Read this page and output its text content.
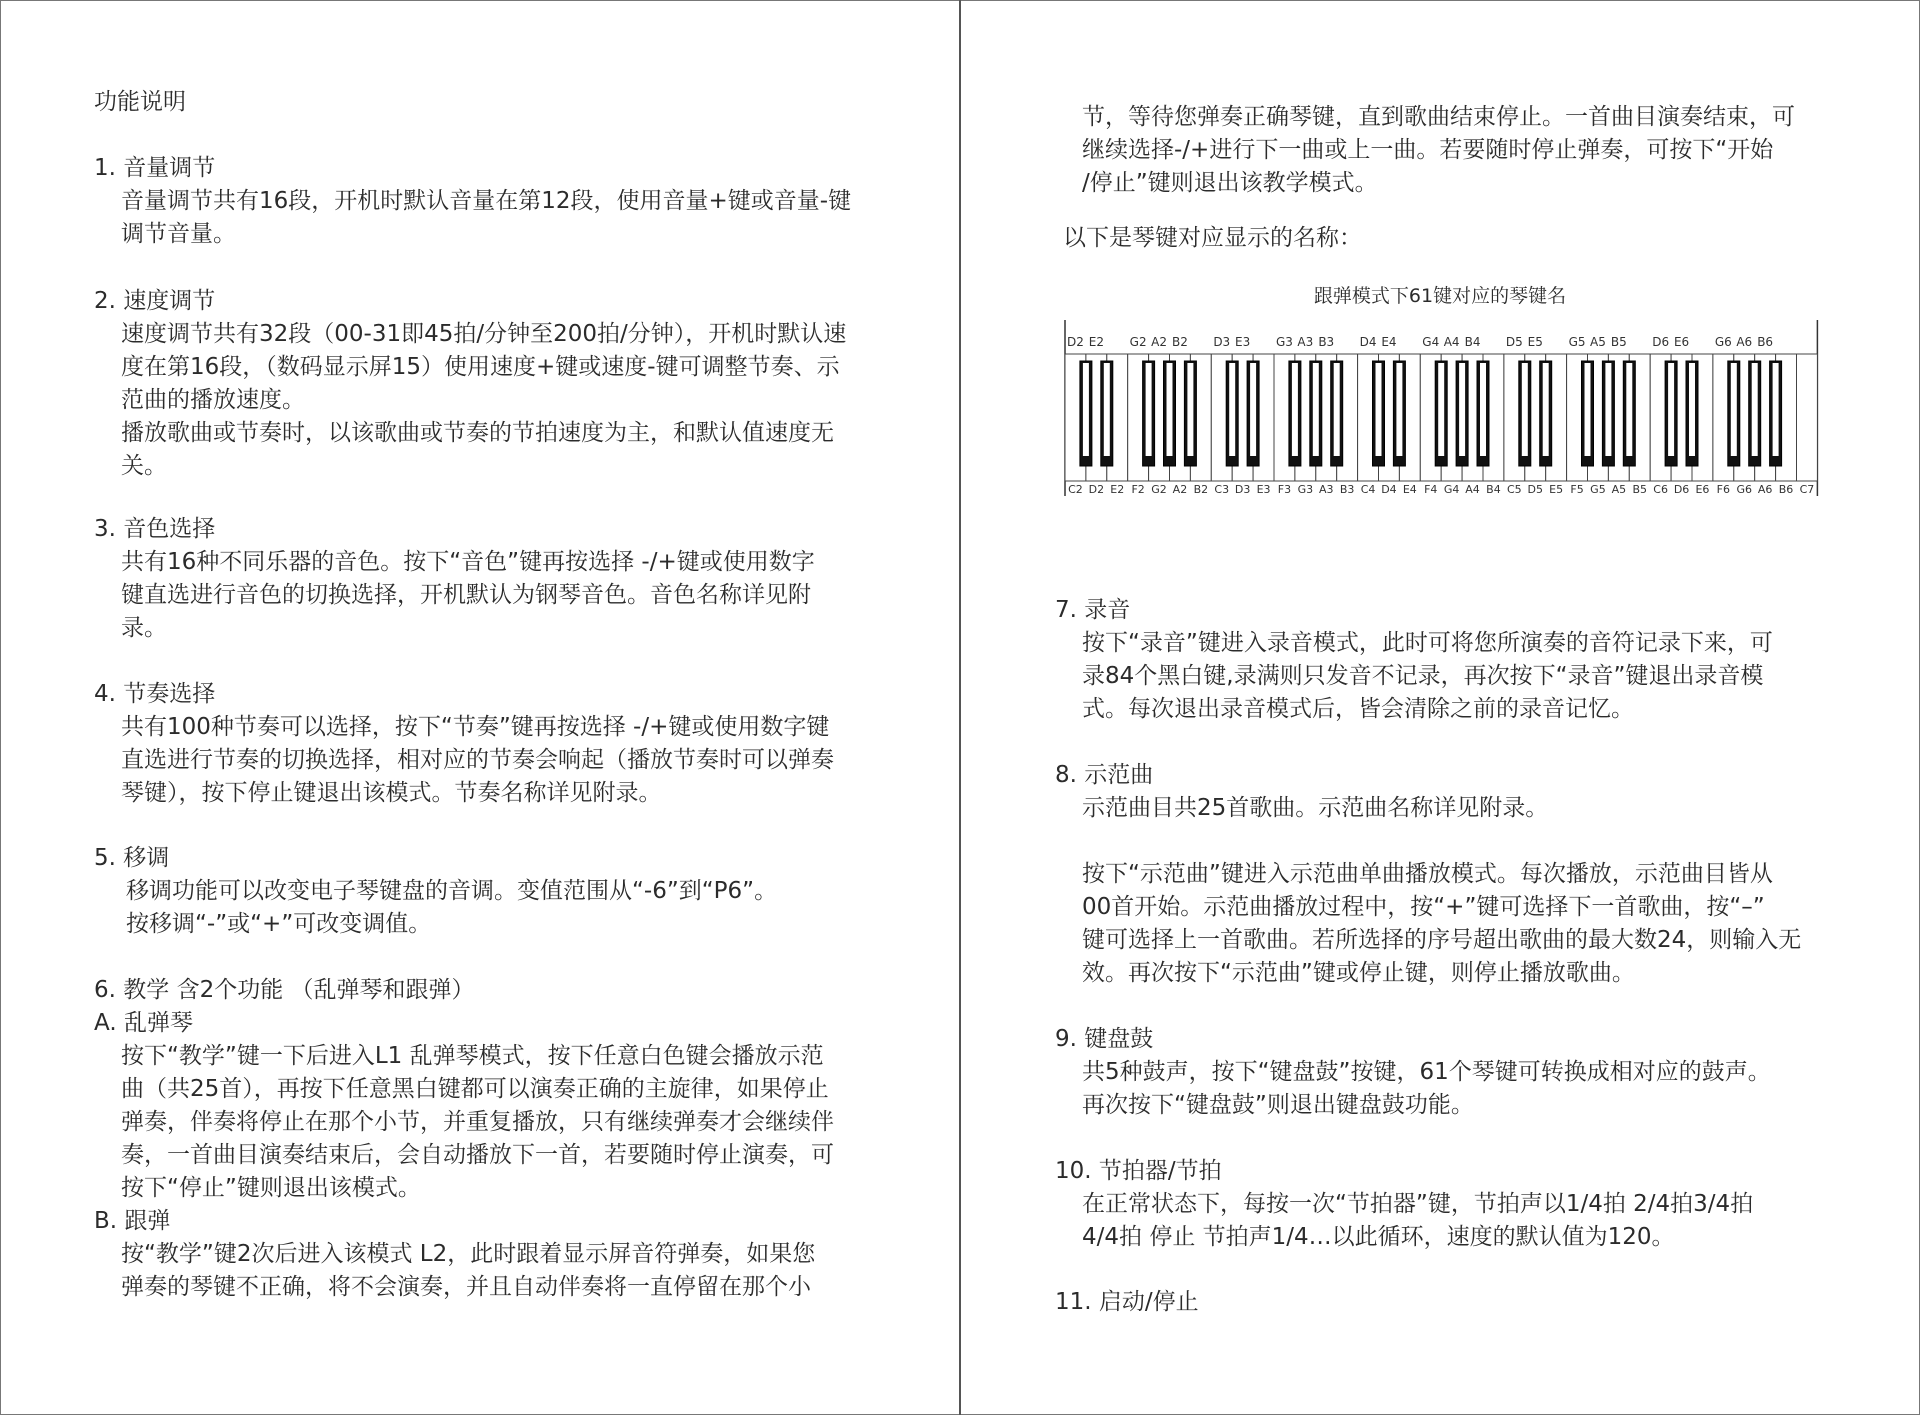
功能说明
1. 音量调节
音量调节共有16段，开机时默认音量在第12段，使用音量+键或音量-键
调节音量。
2. 速度调节
速度调节共有32段（00-31即45拍/分钟至200拍/分钟），开机时默认速
度在第16段，（数码显示屏15）使用速度+键或速度-键可调整节奏、示
范曲的播放速度。
播放歌曲或节奏时，以该歌曲或节奏的节拍速度为主，和默认值速度无
关。
3. 音色选择
共有16种不同乐器的音色。按下“音色”键再按选择 -/+键或使用数字
键直选进行音色的切换选择，开机默认为钢琴音色。音色名称详见附
录。
4. 节奏选择
共有100种节奏可以选择，按下“节奏”键再按选择 -/+键或使用数字键
直选进行节奏的切换选择，相对应的节奏会响起（播放节奏时可以弹奏
琴键），按下停止键退出该模式。节奏名称详见附录。
5. 移调
移调功能可以改变电子琴键盘的音调。变值范围从“-6”到“P6”。
按移调“-”或“+”可改变调值。
6. 教学 含2个功能 （乱弹琴和跟弹）
A. 乱弹琴
按下“教学”键一下后进入L1 乱弹琴模式，按下任意白色键会播放示范
曲（共25首），再按下任意黑白键都可以演奏正确的主旋律，如果停止
弹奏，伴奏将停止在那个小节，并重复播放，只有继续弹奏才会继续伴
奏，一首曲目演奏结束后，会自动播放下一首，若要随时停止演奏，可
按下“停止”键则退出该模式。
B. 跟弹
按“教学”键2次后进入该模式 L2，此时跟着显示屏音符弹奏，如果您
弹奏的琴键不正确，将不会演奏，并且自动伴奏将一直停留在那个小
节，等待您弹奏正确琴键，直到歌曲结束停止。一首曲目演奏结束，可
继续选择-/+进行下一曲或上一曲。若要随时停止弹奏，可按下“开始
/停止”键则退出该教学模式。
以下是琴键对应显示的名称：
7. 录音
按下“录音”键进入录音模式，此时可将您所演奏的音符记录下来，可
录84个黑白键,录满则只发音不记录，再次按下“录音”键退出录音模
式。每次退出录音模式后，皆会清除之前的录音记忆。
8. 示范曲
示范曲目共25首歌曲。示范曲名称详见附录。
按下“示范曲”键进入示范曲单曲播放模式。每次播放，示范曲目皆从
00首开始。示范曲播放过程中，按“+”键可选择下一首歌曲，按“–”
键可选择上一首歌曲。若所选择的序号超出歌曲的最大数24，则输入无
效。再次按下“示范曲”键或停止键，则停止播放歌曲。
9. 键盘鼓
共5种鼓声，按下“键盘鼓”按键，61个琴键可转换成相对应的鼓声。
再次按下“键盘鼓”则退出键盘鼓功能。
10. 节拍器/节拍
在正常状态下，每按一次“节拍器”键，节拍声以1/4拍 2/4拍3/4拍
4/4拍 停止 节拍声1/4…以此循环，速度的默认值为120。
11. 启动/停止
跟弹模式下61键对应的琴键名
C2 D2 E2 F2 G2 A2 B2 C3 D3 E3 F3 G3 A3 B3 C4 D4 E4 F4 G4 A4 B4 C5 D5 E5 F5 G5 A5 B5 C6 D6 E6 F6 G6 A6 B6 C7
D2 E2 G2 A2 B2 D3 E3 G3 A3 B3 D4 E4 G4 A4 B4 D5 E5 G5 A5 B5 D6 E6 G6 A6 B6
